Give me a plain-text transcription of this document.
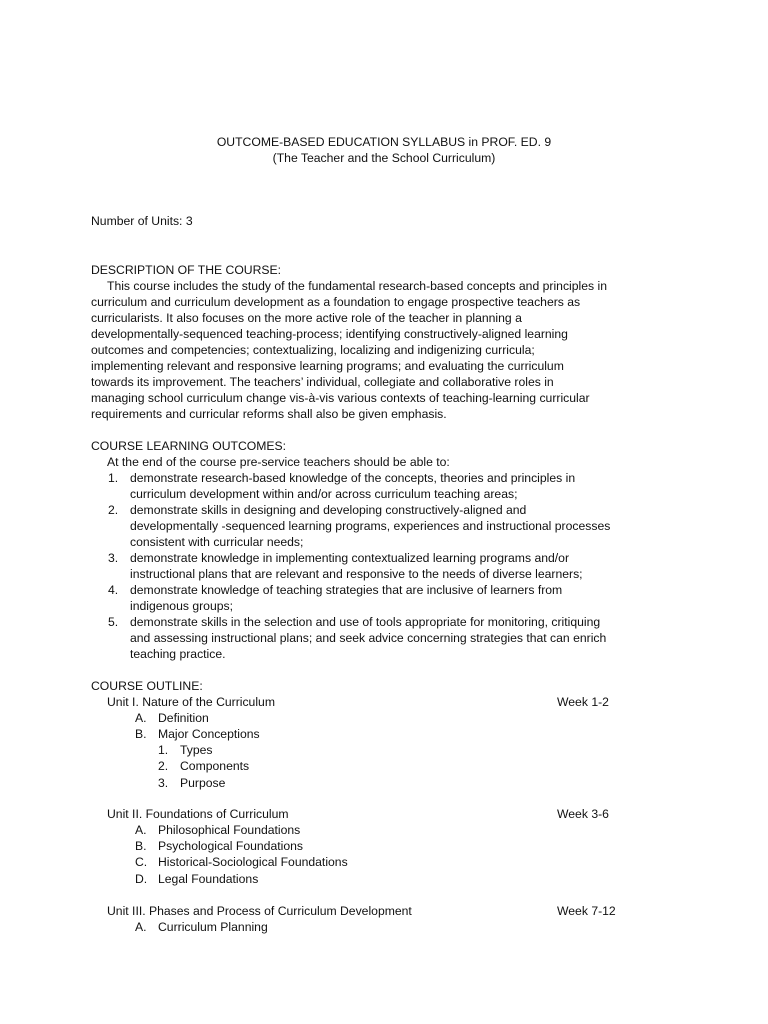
OUTCOME-BASED EDUCATION SYLLABUS in PROF. ED. 9
(The Teacher and the School Curriculum)
Number of Units: 3
DESCRIPTION OF THE COURSE:
This course includes the study of the fundamental research-based concepts and principles in
curriculum and curriculum development as a foundation to engage prospective teachers as
curricularists. It also focuses on the more active role of the teacher in planning a
developmentally-sequenced teaching-process; identifying constructively-aligned learning
outcomes and competencies; contextualizing, localizing and indigenizing curricula;
implementing relevant and responsive learning programs; and evaluating the curriculum
towards its improvement. The teachers’ individual, collegiate and collaborative roles in
managing school curriculum change vis-à-vis various contexts of teaching-learning curricular
requirements and curricular reforms shall also be given emphasis.
COURSE LEARNING OUTCOMES:
At the end of the course pre-service teachers should be able to:
1. demonstrate research-based knowledge of the concepts, theories and principles in
curriculum development within and/or across curriculum teaching areas;
2. demonstrate skills in designing and developing constructively-aligned and
developmentally -sequenced learning programs, experiences and instructional processes
consistent with curricular needs;
3. demonstrate knowledge in implementing contextualized learning programs and/or
instructional plans that are relevant and responsive to the needs of diverse learners;
4. demonstrate knowledge of teaching strategies that are inclusive of learners from
indigenous groups;
5. demonstrate skills in the selection and use of tools appropriate for monitoring, critiquing
and assessing instructional plans; and seek advice concerning strategies that can enrich
teaching practice.
COURSE OUTLINE:
Unit I. Nature of the Curriculum	Week 1-2
A. Definition
B. Major Conceptions
1. Types
2. Components
3. Purpose
Unit II. Foundations of Curriculum	Week 3-6
A. Philosophical Foundations
B. Psychological Foundations
C. Historical-Sociological Foundations
D. Legal Foundations
Unit III. Phases and Process of Curriculum Development	Week 7-12
A. Curriculum Planning
